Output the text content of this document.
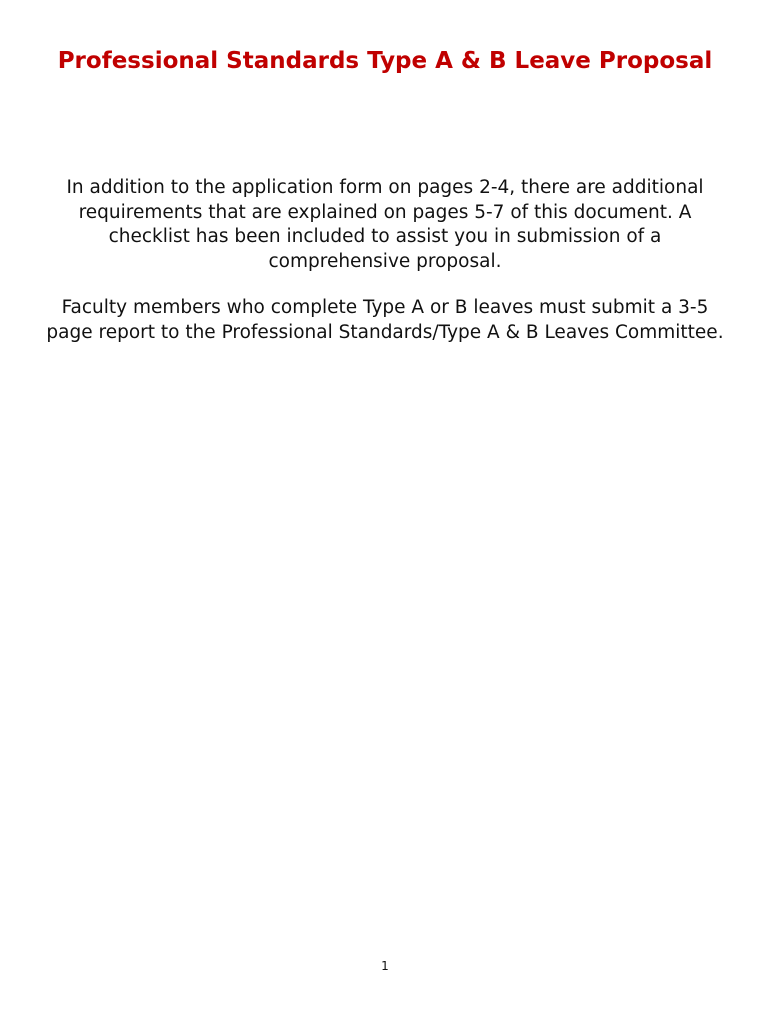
Professional Standards Type A & B Leave Proposal

In addition to the application form on pages 2-4, there are additional requirements that are explained on pages 5-7 of this document. A checklist has been included to assist you in submission of a comprehensive proposal.

Faculty members who complete Type A or B leaves must submit a 3-5 page report to the Professional Standards/Type A & B Leaves Committee.

1
